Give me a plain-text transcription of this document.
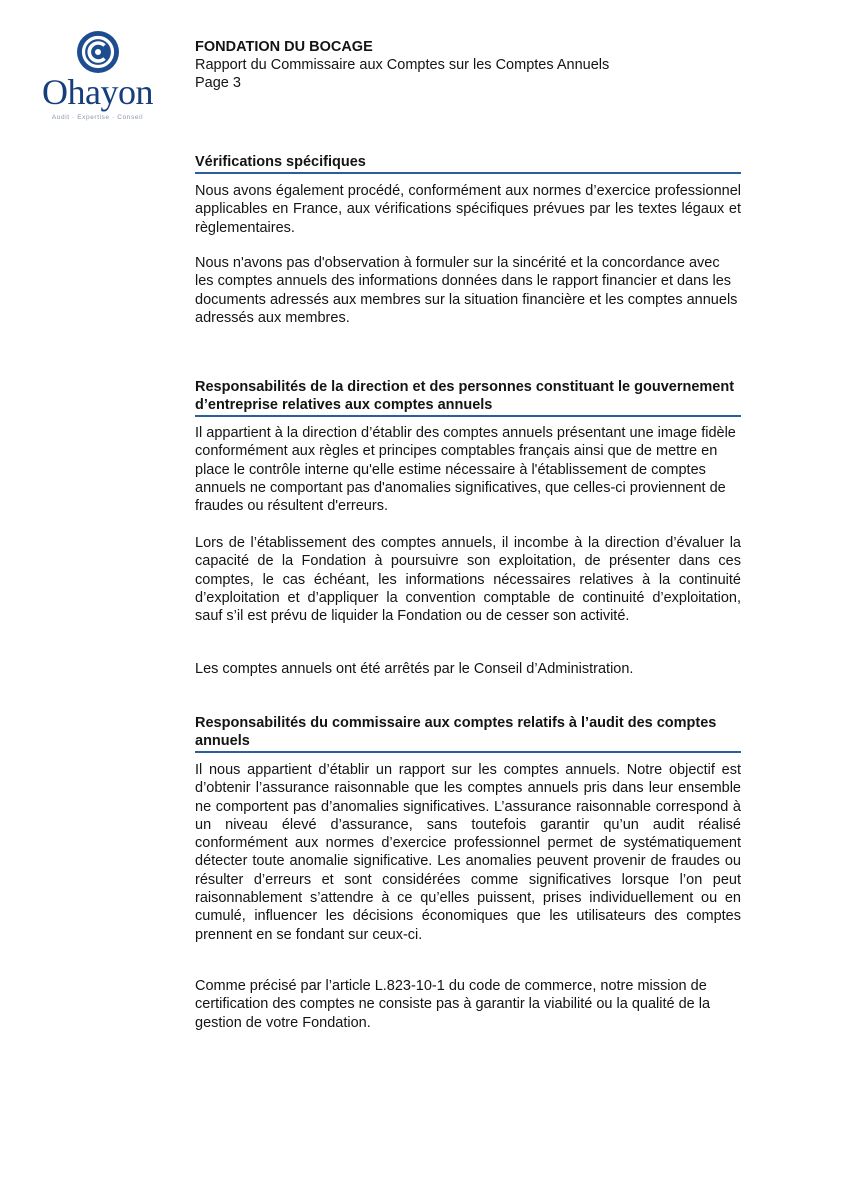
Ohayon
Audit · Expertise · Conseil
FONDATION DU BOCAGE
Rapport du Commissaire aux Comptes sur les Comptes Annuels
Page 3
Vérifications spécifiques

Nous avons également procédé, conformément aux normes d’exercice professionnel applicables en France, aux vérifications spécifiques prévues par les textes légaux et règlementaires.

Nous n'avons pas d'observation à formuler sur la sincérité et la concordance avec les comptes annuels des informations données dans le rapport financier et dans les documents adressés aux membres sur la situation financière et les comptes annuels adressés aux membres.

Responsabilités de la direction et des personnes constituant le gouvernement d’entreprise relatives aux comptes annuels

Il appartient à la direction d’établir des comptes annuels présentant une image fidèle conformément aux règles et principes comptables français ainsi que de mettre en place le contrôle interne qu'elle estime nécessaire à l'établissement de comptes annuels ne comportant pas d'anomalies significatives, que celles-ci proviennent de fraudes ou résultent d'erreurs.

Lors de l’établissement des comptes annuels, il incombe à la direction d’évaluer la capacité de la Fondation à poursuivre son exploitation, de présenter dans ces comptes, le cas échéant, les informations nécessaires relatives à la continuité d’exploitation et d’appliquer la convention comptable de continuité d’exploitation, sauf s’il est prévu de liquider la Fondation ou de cesser son activité.

Les comptes annuels ont été arrêtés par le Conseil d’Administration.

Responsabilités du commissaire aux comptes relatifs à l’audit des comptes annuels

Il nous appartient d’établir un rapport sur les comptes annuels. Notre objectif est d’obtenir l’assurance raisonnable que les comptes annuels pris dans leur ensemble ne comportent pas d’anomalies significatives. L’assurance raisonnable correspond à un niveau élevé d’assurance, sans toutefois garantir qu’un audit réalisé conformément aux normes d’exercice professionnel permet de systématiquement détecter toute anomalie significative. Les anomalies peuvent provenir de fraudes ou résulter d’erreurs et sont considérées comme significatives lorsque l’on peut raisonnablement s’attendre à ce qu’elles puissent, prises individuellement ou en cumulé, influencer les décisions économiques que les utilisateurs des comptes prennent en se fondant sur ceux-ci.

Comme précisé par l’article L.823-10-1 du code de commerce, notre mission de certification des comptes ne consiste pas à garantir la viabilité ou la qualité de la gestion de votre Fondation.
